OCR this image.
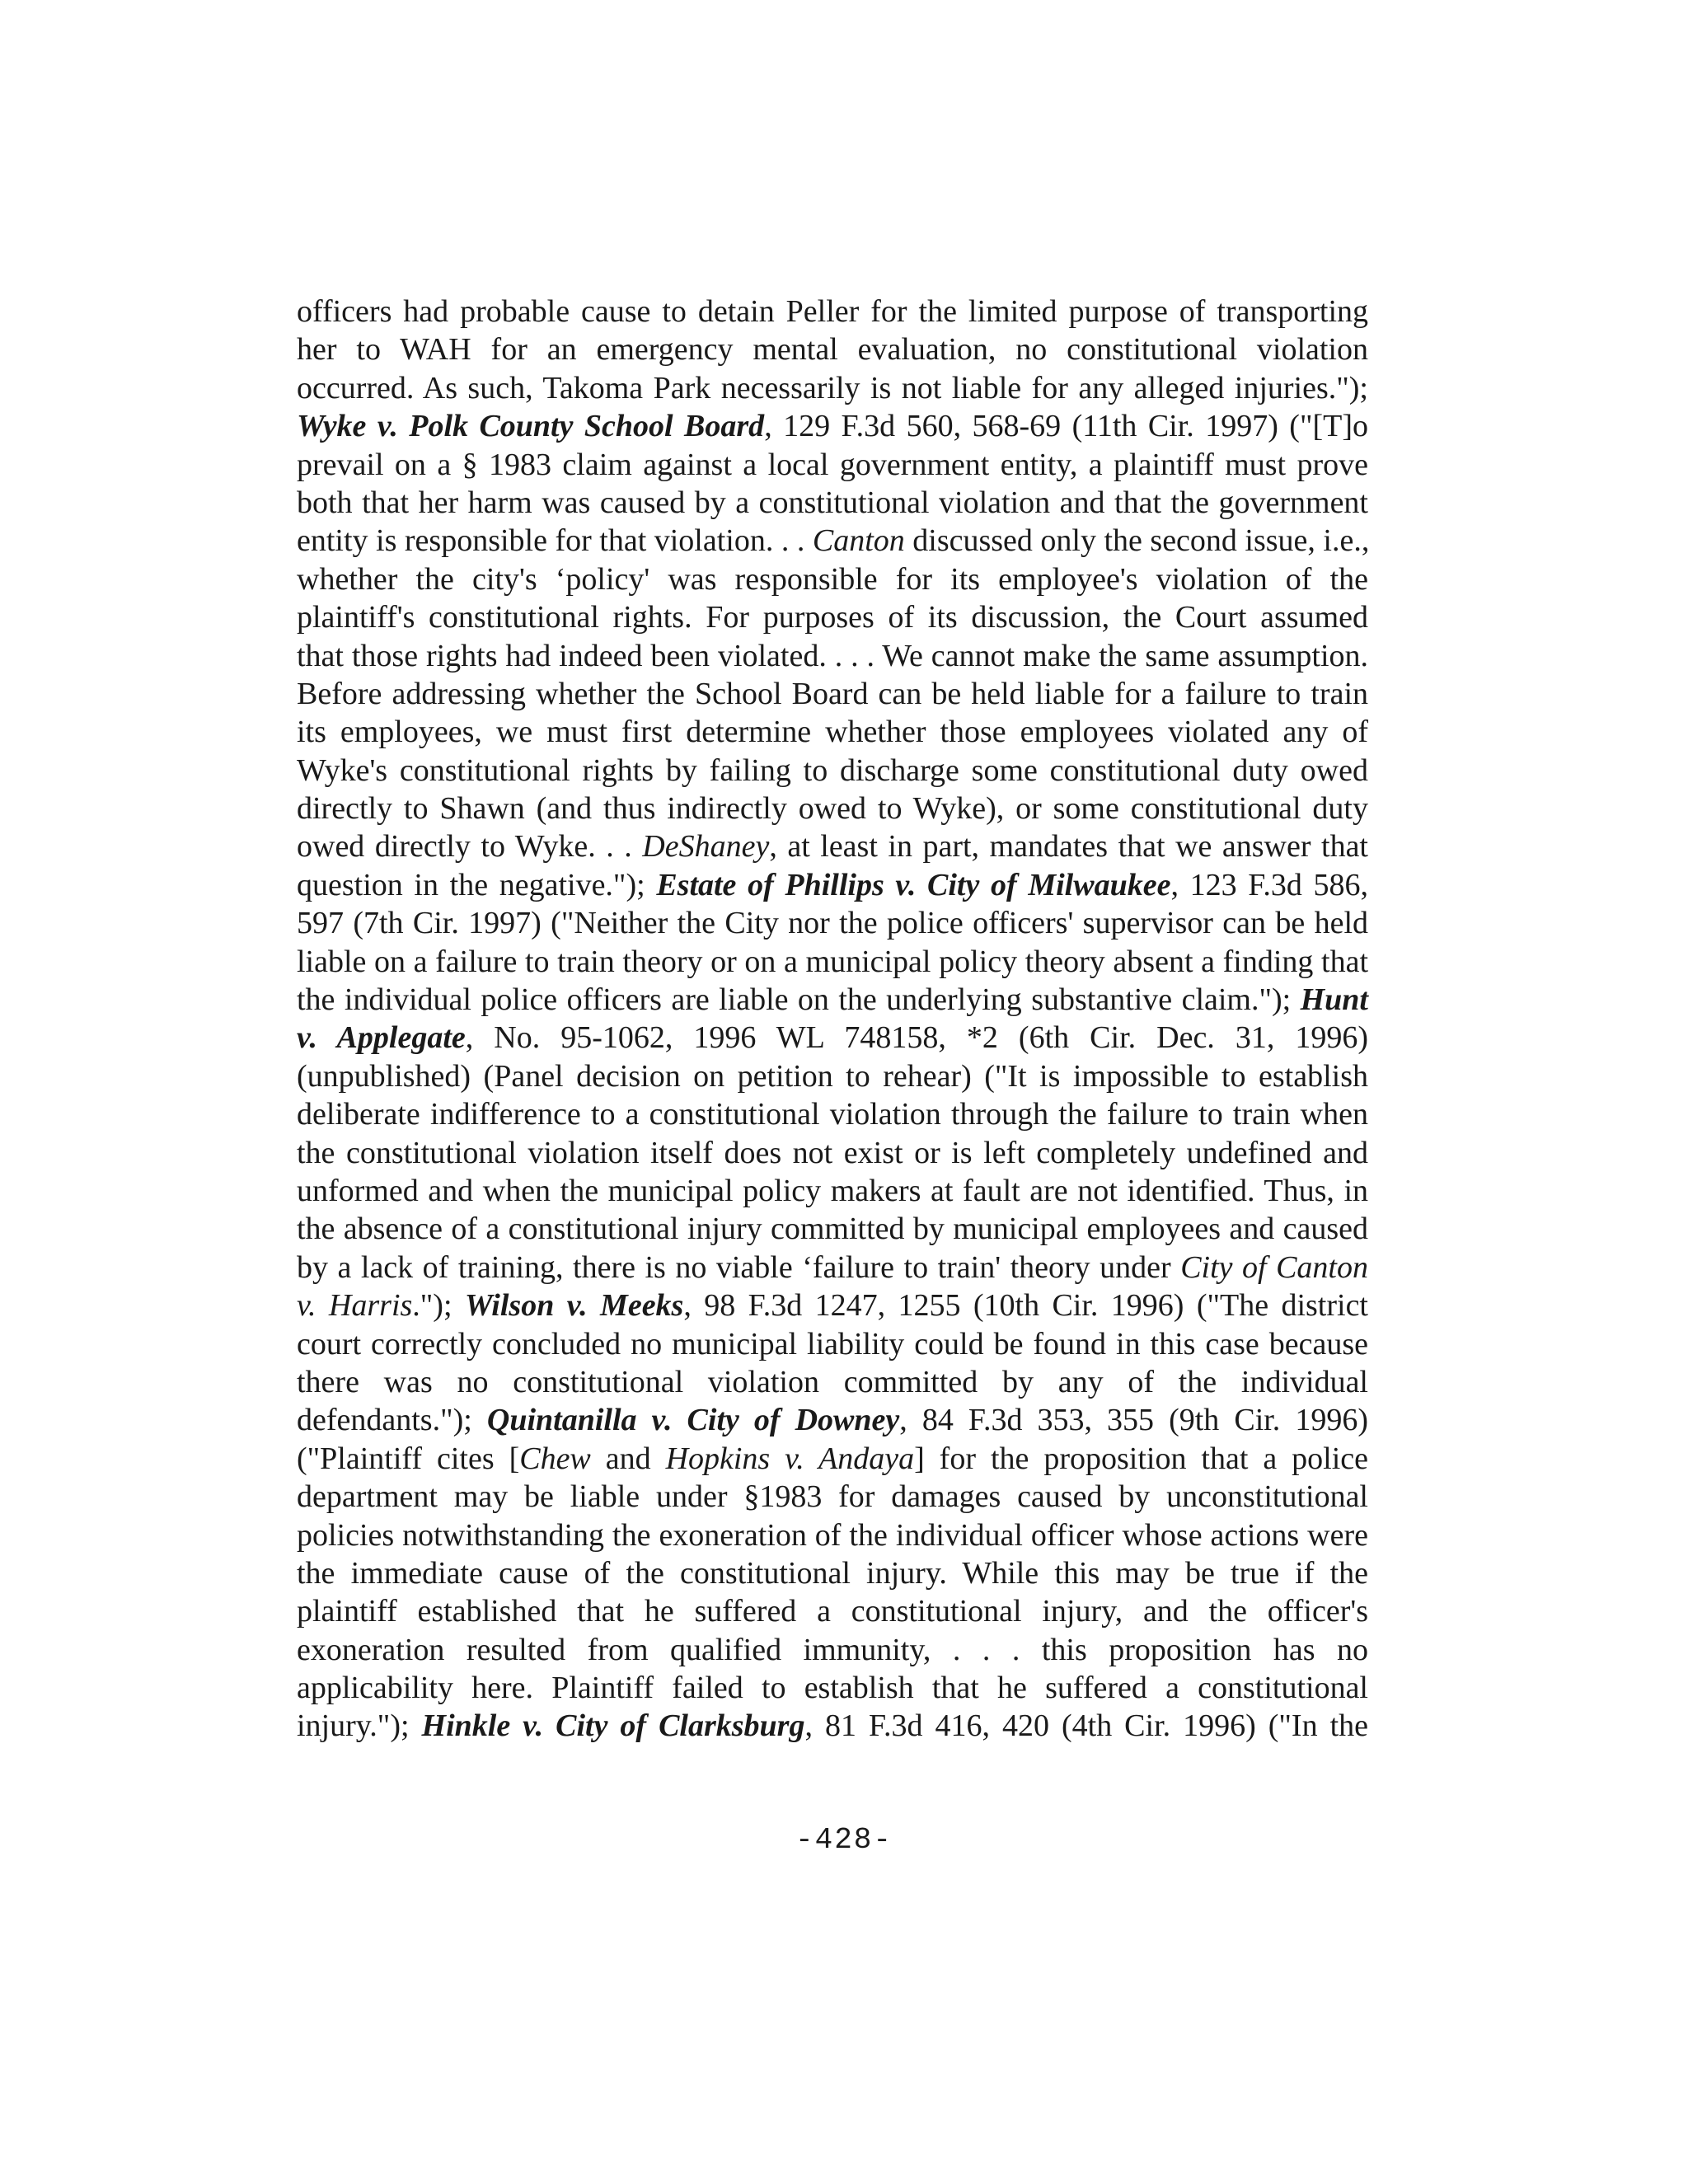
officers had probable cause to detain Peller for the limited purpose of transporting
her to WAH for an emergency mental evaluation, no constitutional violation
occurred. As such, Takoma Park necessarily is not liable for any alleged injuries.");
Wyke v. Polk County School Board, 129 F.3d 560, 568-69 (11th Cir. 1997) ("[T]o
prevail on a § 1983 claim against a local government entity, a plaintiff must prove
both that her harm was caused by a constitutional violation and that the government
entity is responsible for that violation. . . Canton discussed only the second issue, i.e.,
whether the city's ‘policy' was responsible for its employee's violation of the
plaintiff's constitutional rights. For purposes of its discussion, the Court assumed
that those rights had indeed been violated. . . . We cannot make the same assumption.
Before addressing whether the School Board can be held liable for a failure to train
its employees, we must first determine whether those employees violated any of
Wyke's constitutional rights by failing to discharge some constitutional duty owed
directly to Shawn (and thus indirectly owed to Wyke), or some constitutional duty
owed directly to Wyke. . . DeShaney, at least in part, mandates that we answer that
question in the negative."); Estate of Phillips v. City of Milwaukee, 123 F.3d 586,
597 (7th Cir. 1997) ("Neither the City nor the police officers' supervisor can be held
liable on a failure to train theory or on a municipal policy theory absent a finding that
the individual police officers are liable on the underlying substantive claim."); Hunt
v. Applegate, No. 95-1062, 1996 WL 748158, *2 (6th Cir. Dec. 31, 1996)
(unpublished) (Panel decision on petition to rehear) ("It is impossible to establish
deliberate indifference to a constitutional violation through the failure to train when
the constitutional violation itself does not exist or is left completely undefined and
unformed and when the municipal policy makers at fault are not identified. Thus, in
the absence of a constitutional injury committed by municipal employees and caused
by a lack of training, there is no viable ‘failure to train' theory under City of Canton
v. Harris."); Wilson v. Meeks, 98 F.3d 1247, 1255 (10th Cir. 1996) ("The district
court correctly concluded no municipal liability could be found in this case because
there was no constitutional violation committed by any of the individual
defendants."); Quintanilla v. City of Downey, 84 F.3d 353, 355 (9th Cir. 1996)
("Plaintiff cites [Chew and Hopkins v. Andaya] for the proposition that a police
department may be liable under §1983 for damages caused by unconstitutional
policies notwithstanding the exoneration of the individual officer whose actions were
the immediate cause of the constitutional injury. While this may be true if the
plaintiff established that he suffered a constitutional injury, and the officer's
exoneration resulted from qualified immunity, . . . this proposition has no
applicability here. Plaintiff failed to establish that he suffered a constitutional
injury."); Hinkle v. City of Clarksburg, 81 F.3d 416, 420 (4th Cir. 1996) ("In the
-428-
